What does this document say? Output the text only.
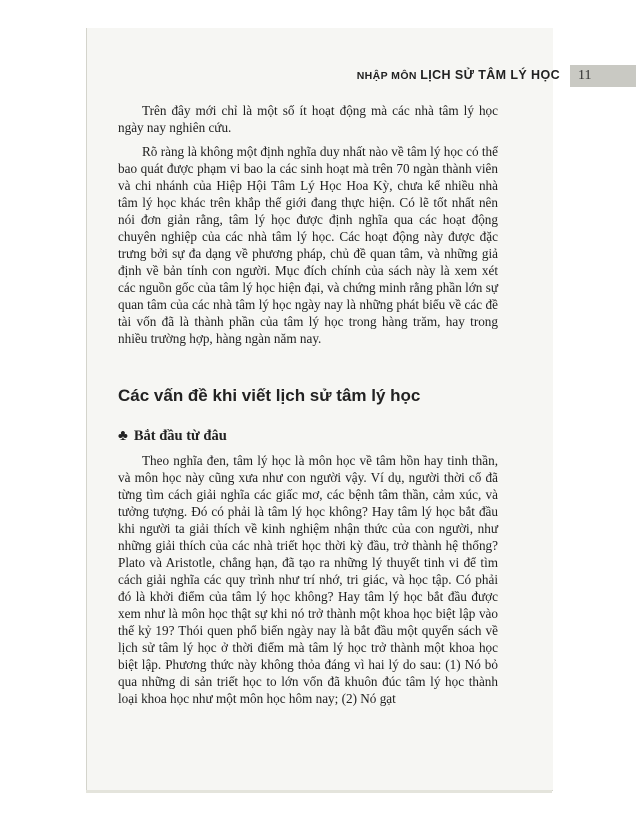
NHẬP MÔN LỊCH SỬ TÂM LÝ HỌC	11

Trên đây mới chỉ là một số ít hoạt động mà các nhà tâm lý học ngày nay nghiên cứu.

Rõ ràng là không một định nghĩa duy nhất nào về tâm lý học có thể bao quát được phạm vi bao la các sinh hoạt mà trên 70 ngàn thành viên và chi nhánh của Hiệp Hội Tâm Lý Học Hoa Kỳ, chưa kể nhiều nhà tâm lý học khác trên khắp thế giới đang thực hiện. Có lẽ tốt nhất nên nói đơn giản rằng, tâm lý học được định nghĩa qua các hoạt động chuyên nghiệp của các nhà tâm lý học. Các hoạt động này được đặc trưng bởi sự đa dạng về phương pháp, chủ đề quan tâm, và những giả định về bản tính con người. Mục đích chính của sách này là xem xét các nguồn gốc của tâm lý học hiện đại, và chứng minh rằng phần lớn sự quan tâm của các nhà tâm lý học ngày nay là những phát biểu về các đề tài vốn đã là thành phần của tâm lý học trong hàng trăm, hay trong nhiều trường hợp, hàng ngàn năm nay.

Các vấn đề khi viết lịch sử tâm lý học
♣ Bắt đầu từ đâu

Theo nghĩa đen, tâm lý học là môn học về tâm hồn hay tinh thần, và môn học này cũng xưa như con người vậy. Ví dụ, người thời cổ đã từng tìm cách giải nghĩa các giấc mơ, các bệnh tâm thần, cảm xúc, và tưởng tượng. Đó có phải là tâm lý học không? Hay tâm lý học bắt đầu khi người ta giải thích về kinh nghiệm nhận thức của con người, như những giải thích của các nhà triết học thời kỳ đầu, trở thành hệ thống? Plato và Aristotle, chẳng hạn, đã tạo ra những lý thuyết tinh vi để tìm cách giải nghĩa các quy trình như trí nhớ, tri giác, và học tập. Có phải đó là khởi điểm của tâm lý học không? Hay tâm lý học bắt đầu được xem như là môn học thật sự khi nó trở thành một khoa học biệt lập vào thế kỷ 19? Thói quen phổ biến ngày nay là bắt đầu một quyển sách về lịch sử tâm lý học ở thời điểm mà tâm lý học trở thành một khoa học biệt lập. Phương thức này không thỏa đáng vì hai lý do sau: (1) Nó bỏ qua những di sản triết học to lớn vốn đã khuôn đúc tâm lý học thành loại khoa học như một môn học hôm nay; (2) Nó gạt
